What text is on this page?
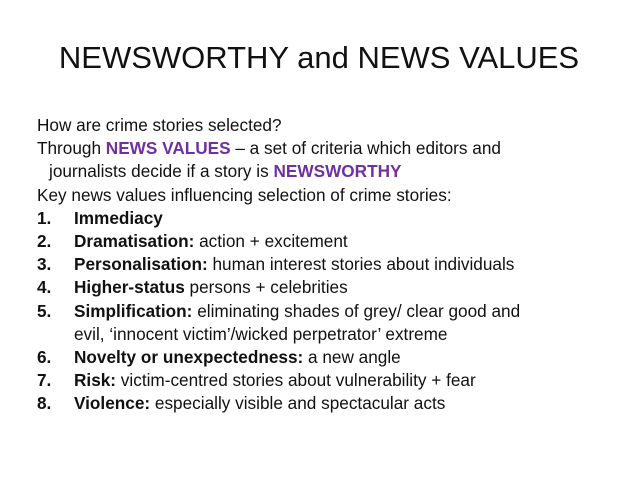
NEWSWORTHY and NEWS VALUES
How are crime stories selected?
Through NEWS VALUES – a set of criteria which editors and
journalists decide if a story is NEWSWORTHY
Key news values influencing selection of crime stories:
1.	Immediacy
2.	Dramatisation: action + excitement
3.	Personalisation: human interest stories about individuals
4.	Higher-status persons + celebrities
5.	Simplification: eliminating shades of grey/ clear good and
evil, ‘innocent victim’/wicked perpetrator’ extreme
6.	Novelty or unexpectedness: a new angle
7.	Risk: victim-centred stories about vulnerability + fear
8.	Violence: especially visible and spectacular acts
